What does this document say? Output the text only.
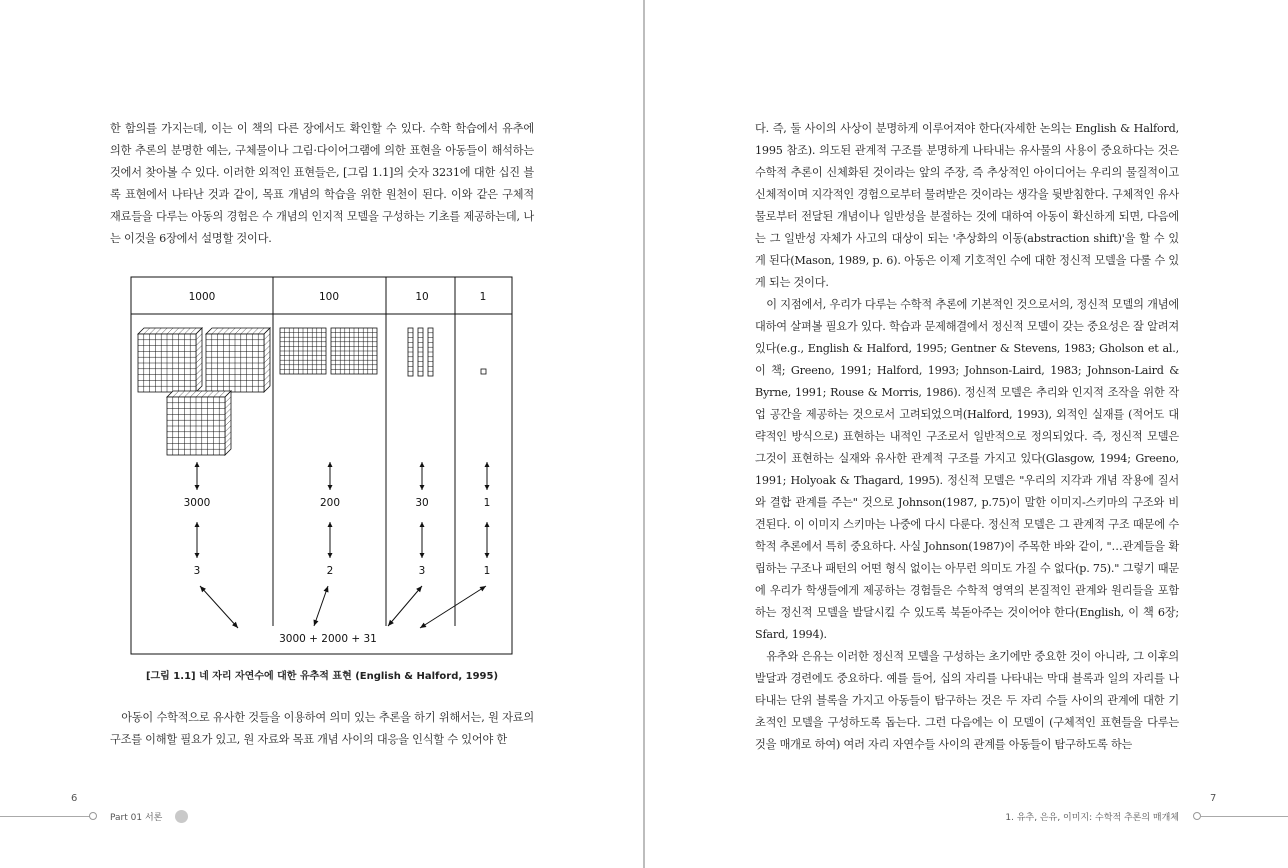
한 함의를 가지는데, 이는 이 책의 다른 장에서도 확인할 수 있다. 수학 학습에서 유추에 의한 추론의 분명한 예는, 구체물이나 그림·다이어그램에 의한 표현을 아동들이 해석하는 것에서 찾아볼 수 있다. 이러한 외적인 표현들은, [그림 1.1]의 숫자 3231에 대한 십진 블록 표현에서 나타난 것과 같이, 목표 개념의 학습을 위한 원천이 된다. 이와 같은 구체적 재료들을 다루는 아동의 경험은 수 개념의 인지적 모델을 구성하는 기초를 제공하는데, 나는 이것을 6장에서 설명할 것이다.

1000	100	10	1
3000	200	30	1
3	2	3	1
3000 + 2000 + 31
[그림 1.1] 네 자리 자연수에 대한 유추적 표현 (English & Halford, 1995)

아동이 수학적으로 유사한 것들을 이용하여 의미 있는 추론을 하기 위해서는, 원 자료의 구조를 이해할 필요가 있고, 원 자료와 목표 개념 사이의 대응을 인식할 수 있어야 한

6
Part 01 서론

다. 즉, 둘 사이의 사상이 분명하게 이루어져야 한다(자세한 논의는 English & Halford, 1995 참조). 의도된 관계적 구조를 분명하게 나타내는 유사물의 사용이 중요하다는 것은 수학적 추론이 신체화된 것이라는 앞의 주장, 즉 추상적인 아이디어는 우리의 물질적이고 신체적이며 지각적인 경험으로부터 물려받은 것이라는 생각을 뒷받침한다. 구체적인 유사물로부터 전달된 개념이나 일반성을 분절하는 것에 대하여 아동이 확신하게 되면, 다음에는 그 일반성 자체가 사고의 대상이 되는 '추상화의 이동(abstraction shift)'을 할 수 있게 된다(Mason, 1989, p. 6). 아동은 이제 기호적인 수에 대한 정신적 모델을 다룰 수 있게 되는 것이다.

이 지점에서, 우리가 다루는 수학적 추론에 기본적인 것으로서의, 정신적 모델의 개념에 대하여 살펴볼 필요가 있다. 학습과 문제해결에서 정신적 모델이 갖는 중요성은 잘 알려져 있다(e.g., English & Halford, 1995; Gentner & Stevens, 1983; Gholson et al., 이 책; Greeno, 1991; Halford, 1993; Johnson-Laird, 1983; Johnson-Laird & Byrne, 1991; Rouse & Morris, 1986). 정신적 모델은 추리와 인지적 조작을 위한 작업 공간을 제공하는 것으로서 고려되었으며(Halford, 1993), 외적인 실재를 (적어도 대략적인 방식으로) 표현하는 내적인 구조로서 일반적으로 정의되었다. 즉, 정신적 모델은 그것이 표현하는 실재와 유사한 관계적 구조를 가지고 있다(Glasgow, 1994; Greeno, 1991; Holyoak & Thagard, 1995). 정신적 모델은 "우리의 지각과 개념 작용에 질서와 결합 관계를 주는" 것으로 Johnson(1987, p.75)이 말한 이미지-스키마의 구조와 비견된다. 이 이미지 스키마는 나중에 다시 다룬다. 정신적 모델은 그 관계적 구조 때문에 수학적 추론에서 특히 중요하다. 사실 Johnson(1987)이 주목한 바와 같이, "…관계들을 확립하는 구조나 패턴의 어떤 형식 없이는 아무런 의미도 가질 수 없다(p. 75)." 그렇기 때문에 우리가 학생들에게 제공하는 경험들은 수학적 영역의 본질적인 관계와 원리들을 포함하는 정신적 모델을 발달시킬 수 있도록 북돋아주는 것이어야 한다(English, 이 책 6장; Sfard, 1994).

유추와 은유는 이러한 정신적 모델을 구성하는 초기에만 중요한 것이 아니라, 그 이후의 발달과 경련에도 중요하다. 예를 들어, 십의 자리를 나타내는 막대 블록과 일의 자리를 나타내는 단위 블록을 가지고 아동들이 탐구하는 것은 두 자리 수들 사이의 관계에 대한 기초적인 모델을 구성하도록 돕는다. 그런 다음에는 이 모델이 (구체적인 표현들을 다루는 것을 매개로 하여) 여러 자리 자연수들 사이의 관계를 아동들이 탐구하도록 하는

7
1. 유추, 은유, 이미지: 수학적 추론의 매개체
